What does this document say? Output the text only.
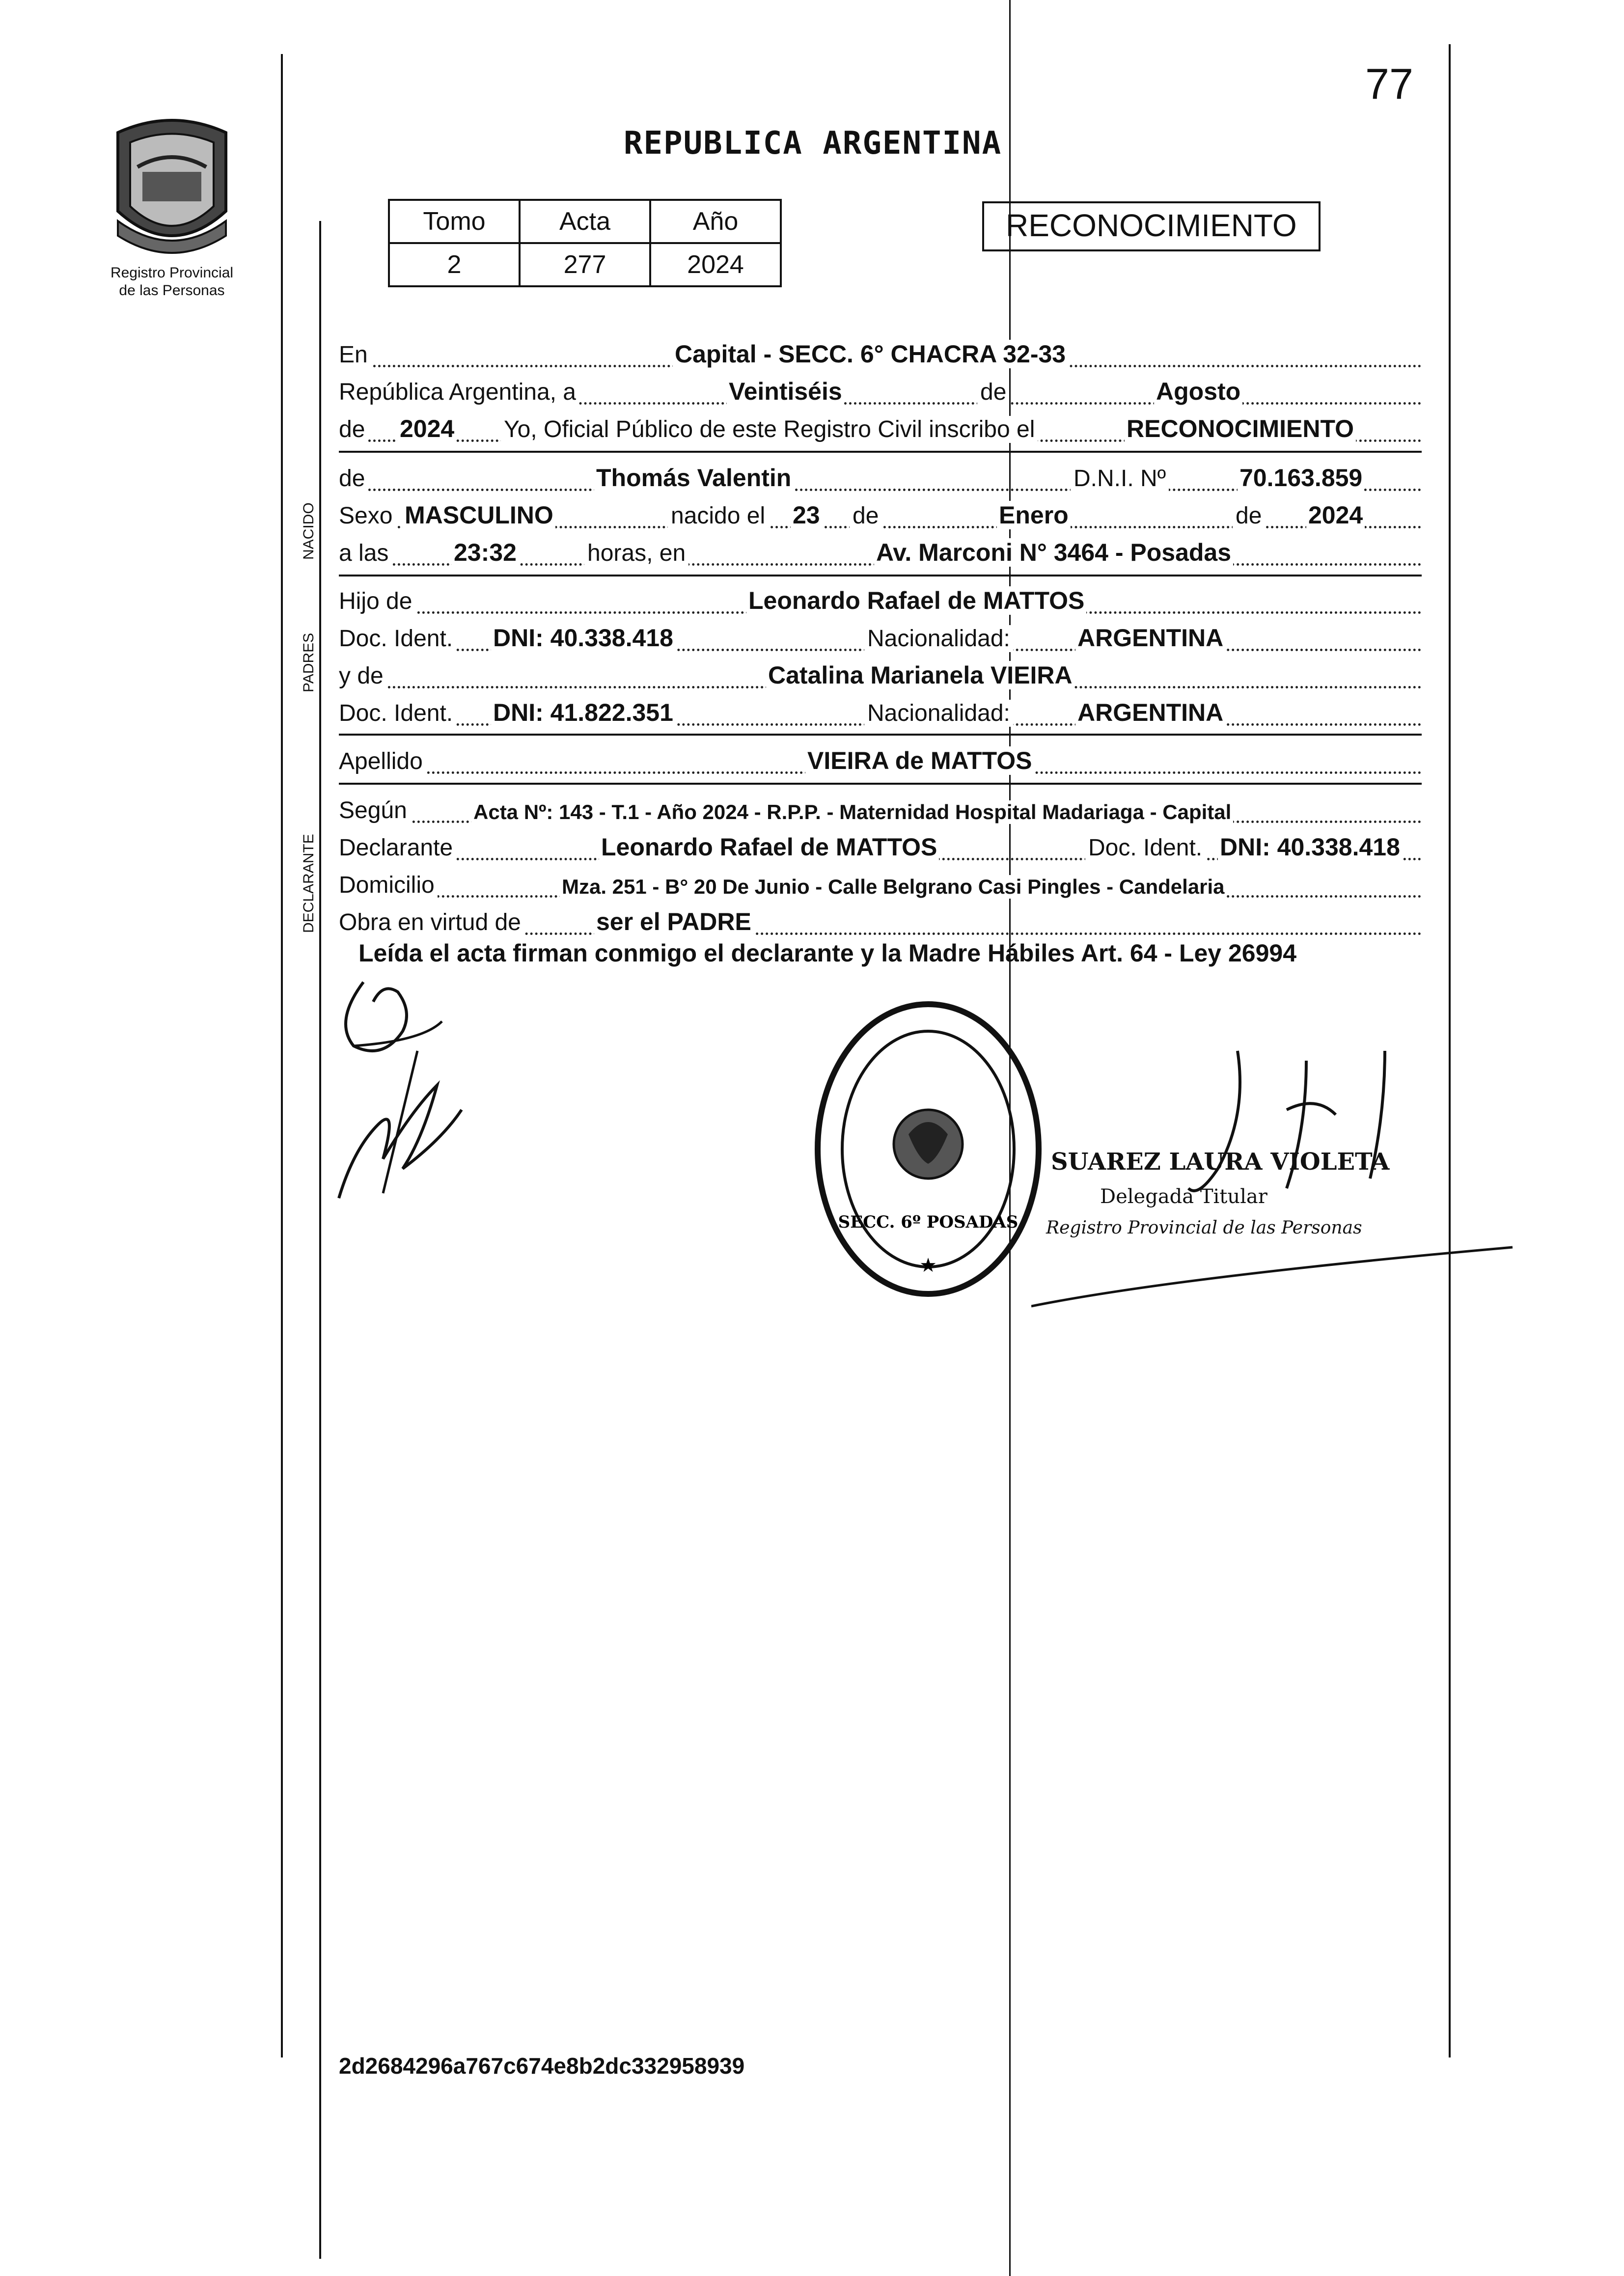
77
Registro Provincial
de las Personas
REPUBLICA ARGENTINA
Tomo	Acta	Año
2	277	2024
RECONOCIMIENTO
NACIDO
PADRES
DECLARANTE
En	Capital - SECC. 6° CHACRA 32-33
República Argentina, a	Veintiséis	de	Agosto
de 2024 Yo, Oficial Público de este Registro Civil inscribo el	RECONOCIMIENTO
de	Thomás Valentin	D.N.I. Nº	70.163.859
Sexo MASCULINO	nacido el 23 de	Enero	de 2024
a las	23:32	horas, en	Av. Marconi N° 3464 - Posadas
Hijo de	Leonardo Rafael de MATTOS
Doc. Ident. DNI: 40.338.418	Nacionalidad:	ARGENTINA
y de	Catalina Marianela VIEIRA
Doc. Ident. DNI: 41.822.351	Nacionalidad:	ARGENTINA
Apellido	VIEIRA de MATTOS
Según	Acta Nº: 143 - T.1 - Año 2024 - R.P.P. - Maternidad Hospital Madariaga - Capital
Declarante	Leonardo Rafael de MATTOS	Doc. Ident. DNI: 40.338.418
Domicilio	Mza. 251 - B° 20 De Junio - Calle Belgrano Casi Pingles - Candelaria
Obra en virtud de	ser el PADRE
Leída el acta firman conmigo el declarante y la Madre Hábiles Art. 64 - Ley 26994
SECC. 6º POSADAS
★
SUAREZ LAURA VIOLETA
Delegada Titular
Registro Provincial de las Personas
2d2684296a767c674e8b2dc332958939
